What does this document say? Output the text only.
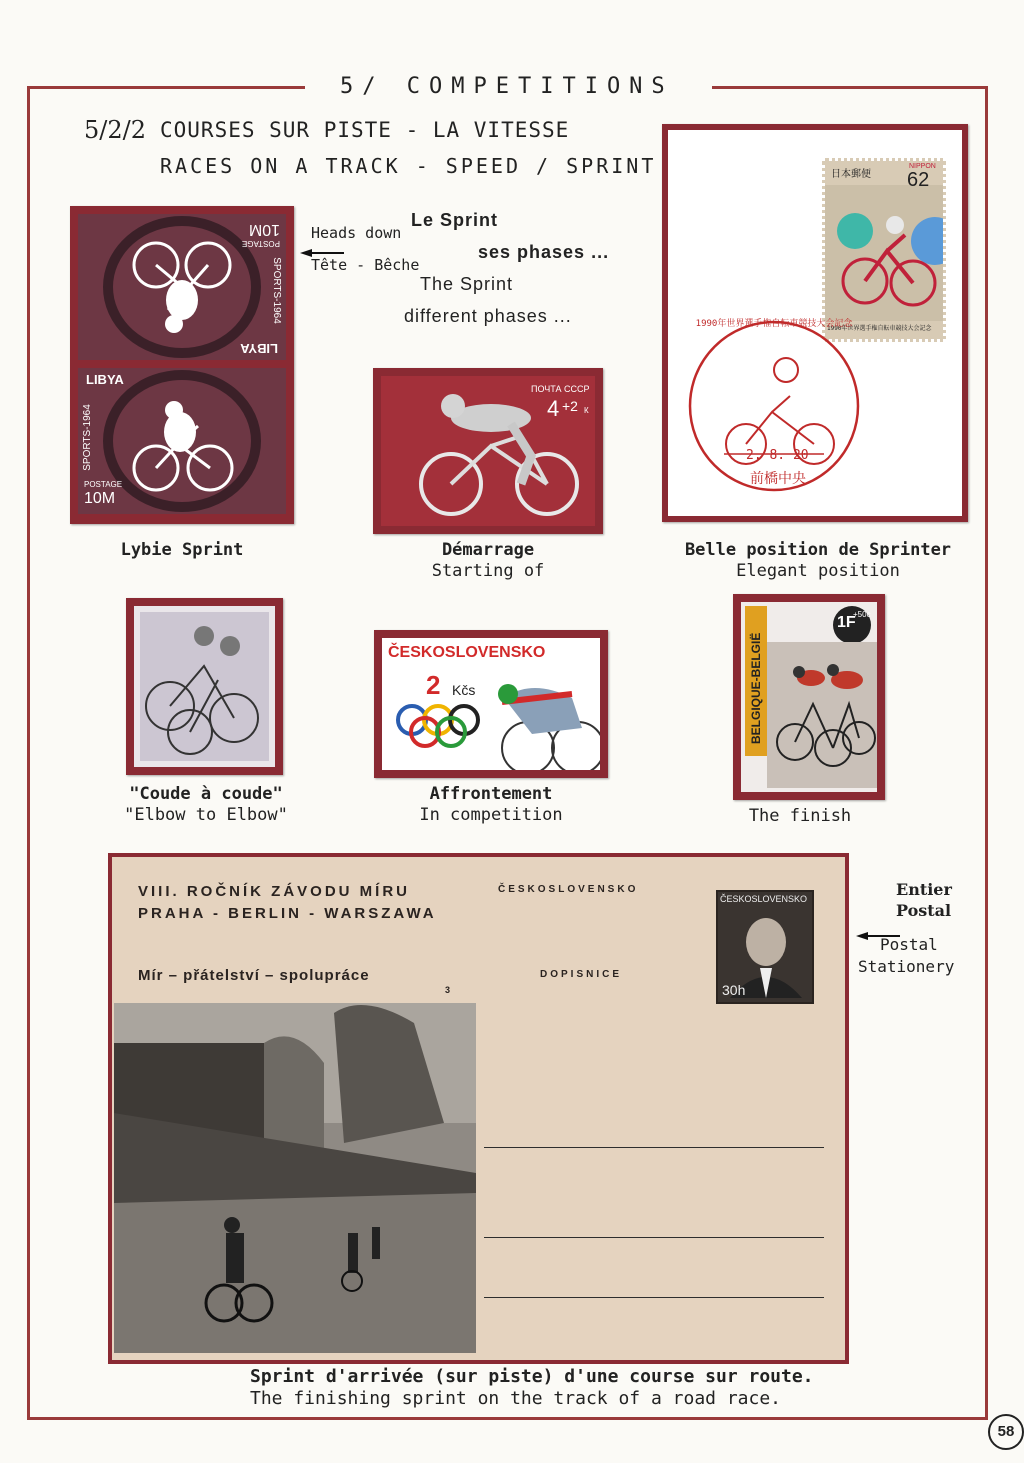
5/ COMPETITIONS
5/2/2 COURSES SUR PISTE - LA VITESSE
RACES ON A TRACK - SPEED / SPRINT
Heads down
Tête - Bêche
Le Sprint
ses phases ...
The Sprint
different phases ...
LIBYA
POSTAGE
10M
SPORTS-1964
LIBYA
POSTAGE
10M
SPORTS-1964
Lybie Sprint
ПОЧТА СССР
4 +2 К
Démarrage
Starting of
日本郵便
NIPPON
62
1990年世界選手権自転車競技大会記念
1990年世界選手権自転車競技大会記念
2. 8. 20
前橋中央
Belle position de Sprinter
Elegant position
"Coude à coude"
"Elbow to Elbow"
ČESKOSLOVENSKO
2 Kčs
Affrontement
In competition
BELGIQUE-BELGIË
1F
+50c
The finish
VIII. ROČNÍK ZÁVODU MÍRU
PRAHA - BERLIN - WARSZAWA
Mír – přátelství – spolupráce
3
ČESKOSLOVENSKO
DOPISNICE
ČESKOSLOVENSKO
30h
Entier
Postal
Postal
Stationery
Sprint d'arrivée (sur piste) d'une course sur route.
The finishing sprint on the track of a road race.
58
